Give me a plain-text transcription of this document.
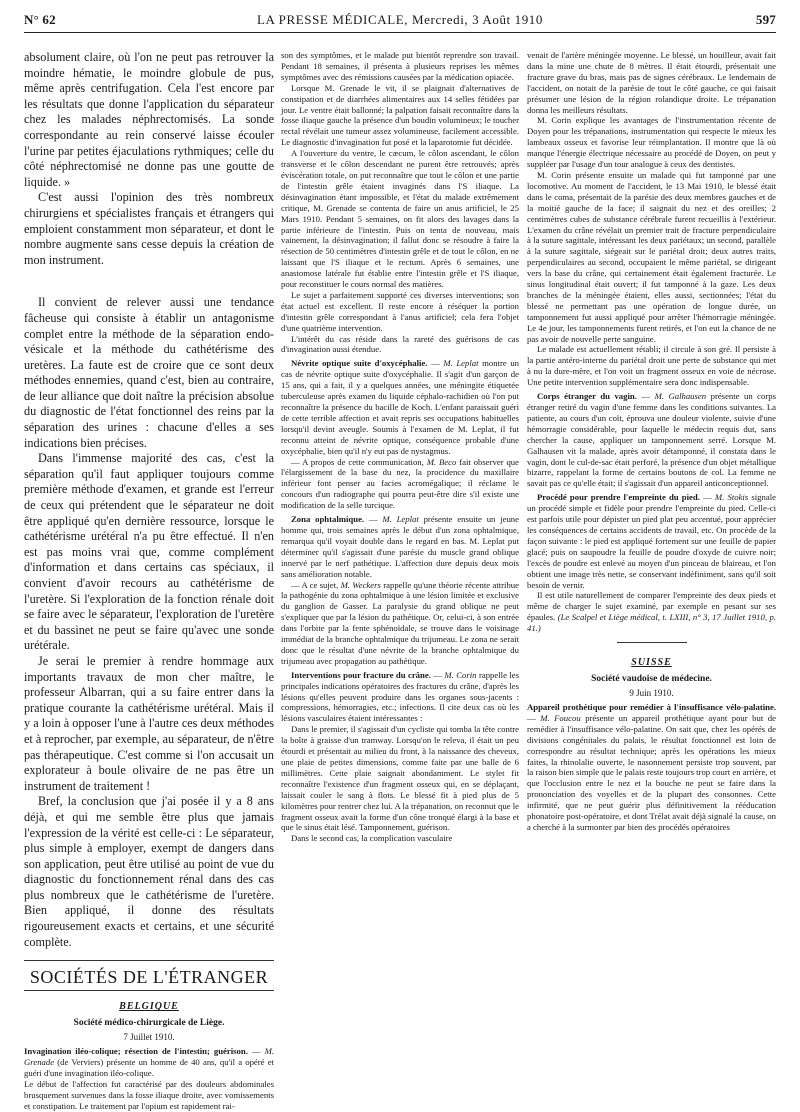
N° 62	LA PRESSE MÉDICALE, Mercredi, 3 Août 1910	597

absolument claire, où l'on ne peut pas retrouver la moindre hématie, le moindre globule de pus, même après centrifugation. Cela l'est encore par les résultats que donne l'application du séparateur chez les malades néphrectomisés. La sonde correspondante au rein conservé laisse écouler l'urine par petites éjaculations rythmiques; celle du côté néphrectomisé ne donne pas une goutte de liquide. »

C'est aussi l'opinion des très nombreux chirurgiens et spécialistes français et étrangers qui emploient constamment mon séparateur, et dont le nombre augmente sans cesse depuis la création de mon instrument.

Il convient de relever aussi une tendance fâcheuse qui consiste à établir un antagonisme complet entre la méthode de la séparation endo-vésicale et la méthode du cathétérisme des uretères. La faute est de croire que ce sont deux méthodes ennemies, quand c'est, bien au contraire, de leur alliance que doit naître la précision absolue du diagnostic de l'état fonctionnel des reins par la séparation des urines : chacune d'elles a ses indications bien précises.

Dans l'immense majorité des cas, c'est la séparation qu'il faut appliquer toujours comme première méthode d'examen, et grande est l'erreur de ceux qui prétendent que le séparateur ne doit être appliqué qu'en dernière ressource, lorsque le cathétérisme urétéral n'a pu être effectué. Il n'en est pas moins vrai que, comme complément d'information et dans certains cas spéciaux, il convient d'avoir recours au cathétérisme de l'uretère. Si l'exploration de la fonction rénale doit se faire avec le séparateur, l'exploration de l'uretère et du bassinet ne peut se faire qu'avec une sonde urétérale.

Je serai le premier à rendre hommage aux importants travaux de mon cher maître, le professeur Albarran, qui a su faire entrer dans la pratique courante la cathétérisme urétéral. Mais il y a loin à opposer l'une à l'autre ces deux méthodes et à reprocher, par exemple, au séparateur, de n'être pas thérapeutique. C'est comme si l'on accusait un explorateur à boule olivaire de ne pas être un instrument de traitement !

Bref, la conclusion que j'ai posée il y a 8 ans déjà, et qui me semble être plus que jamais l'expression de la vérité est celle-ci : Le séparateur, plus simple à employer, exempt de dangers dans son application, peut être utilisé au point de vue du diagnostic du fonctionnement rénal dans des cas plus nombreux que le cathétérisme de l'uretère. Bien appliqué, il donne des résultats rigoureusement exacts et certains, et une sécurité complète.

SOCIÉTÉS DE L'ÉTRANGER
BELGIQUE
Société médico-chirurgicale de Liège.
7 Juillet 1910.

Invagination iléo-colique; résection de l'intestin; guérison. — M. Grenade (de Verviers) présente un homme de 40 ans, qu'il a opéré et guéri d'une invagination iléo-colique.

Le début de l'affection fut caractérisé par des douleurs abdominales brusquement survenues dans la fosse iliaque droite, avec vomissements et constipation. Le traitement par l'opium est rapidement rai-

son des symptômes, et le malade put bientôt reprendre son travail. Pendant 18 semaines, il présenta à plusieurs reprises les mêmes symptômes avec des rémissions causées par la médication opiacée.

Lorsque M. Grenade le vit, il se plaignait d'alternatives de constipation et de diarrhées alimentaires aux 14 selles fétidées par jour. Le ventre était ballonné; la palpation faisait reconnaître dans la fosse iliaque gauche la présence d'un boudin volumineux; le toucher rectal révélait une tumeur assez volumineuse, facilement accessible. Le diagnostic d'invagination fut posé et la laparotomie fut décidée.

A l'ouverture du ventre, le cæcum, le côlon ascendant, le côlon transverse et le côlon descendant ne purent être retrouvés; après éviscération totale, on put reconnaître que tout le côlon et une partie de l'intestin grêle étaient invaginés dans l'S iliaque. La désinvagination étant impossible, et l'état du malade extrêmement critique, M. Grenade se contenta de faire un anus artificiel, le 25 Mars 1910. Pendant 5 semaines, on fit alors des lavages dans la partie inférieure de l'intestin. Puis on tenta de nouveau, mais vainement, la désinvagination; il fallut donc se résoudre à faire la résection de 50 centimètres d'intestin grêle et de tout le côlon, en ne laissant que l'S iliaque et le rectum. Après 6 semaines, une anastomose latérale fut établie entre l'intestin grêle et l'S iliaque, pour reconstituer le cours normal des matières.

Le sujet a parfaitement supporté ces diverses interventions; son état actuel est excellent. Il reste encore à réséquer la portion d'intestin grêle correspondant à l'anus artificiel; cela fera l'objet d'une quatrième intervention.

L'intérêt du cas réside dans la rareté des guérisons de cas d'invagination aussi étendue.

Névrite optique suite d'oxycéphalie. — M. Leplat montre un cas de névrite optique suite d'oxycéphalie. Il s'agit d'un garçon de 15 ans, qui a fait, il y a quelques années, une méningite étiquetée tuberculeuse après examen du liquide céphalo-rachidien où l'on put reconnaître la présence du bacille de Koch. L'enfant paraissait guéri de cette terrible affection et avait repris ses occupations habituelles lorsqu'il devint aveugle. Soumis à l'examen de M. Leplat, il fut reconnu atteint de névrite optique, conséquence probable d'une oxycéphalie, bien qu'il n'y eut pas de nystagmus.

— A propos de cette communication, M. Beco fait observer que l'élargissement de la base du nez, la procidence du maxillaire inférieur font penser au facies acromégalique; il réclame le concours d'un radiographe qui pourra peut-être dire s'il existe une modification de la selle turcique.

Zona ophtalmique. — M. Leplat présente ensuite un jeune homme qui, trois semaines après le début d'un zona ophtalmique, remarqua qu'il voyait double dans le regard en bas. M. Leplat put déterminer qu'il s'agissait d'une parésie du muscle grand oblique innervé par le nerf pathétique. L'affection dure depuis deux mois sans amélioration notable.

— A ce sujet, M. Weckers rappelle qu'une théorie récente attribue la pathogénie du zona ophtalmique à une lésion limitée et exclusive du ganglion de Gasser. La paralysie du grand oblique ne peut s'expliquer que par la lésion du pathétique. Or, celui-ci, à son entrée dans l'orbite par la fente sphénoïdale, se trouve dans le voisinage immédiat de la branche ophtalmique du trijumeau. Le zona ne serait donc que le résultat d'une névrite de la branche ophtalmique du trijumeau avec propagation au pathétique.

Interventions pour fracture du crâne. — M. Corin rappelle les principales indications opératoires des fractures du crâne, d'après les lésions qu'elles peuvent produire dans les organes sous-jacents : compressions, hémorragies, etc.; infections. Il cite deux cas où les lésions vasculaires étaient intéressantes :

Dans le premier, il s'agissait d'un cycliste qui tomba la tête contre la boîte à graisse d'un tramway. Lorsqu'on le releva, il était un peu étourdi et présentait au milieu du front, à la naissance des cheveux, une plaie de petites dimensions, comme faite par une balle de 6 millimètres. Cette plaie saignait abondamment. Le stylet fit reconnaître l'existence d'un fragment osseux qui, en se déplaçant, laissait couler le sang à flots. Le blessé fit à pied plus de 5 kilomètres pour rentrer chez lui. A la trépanation, on reconnut que le fragment osseux avait la forme d'un cône tronqué élargi à la base et que le sinus était lésé. Tamponnement, guérison.

Dans le second cas, la complication vasculaire

venait de l'artère méningée moyenne. Le blessé, un houilleur, avait fait dans la mine une chute de 8 mètres. Il était étourdi, présentait une fracture grave du bras, mais pas de signes cérébraux. Le lendemain de l'accident, on notait de la parésie de tout le côté gauche, ce qui faisait présumer une lésion de la région rolandique droite. Le trépanation donna les meilleurs résultats.

M. Corin explique les avantages de l'instrumentation récente de Doyen pour les trépanations, instrumentation qui respecte le mieux les lambeaux osseux et favorise leur réimplantation. Il montre que là où manque l'énergie électrique nécessaire au procédé de Doyen, on peut y suppléer par l'usage d'un tour analogue à ceux des dentistes.

M. Corin présente ensuite un malade qui fut tamponné par une locomotive. Au moment de l'accident, le 13 Mai 1910, le blessé était dans le coma, présentait de la parésie des deux membres gauches et de la moitié gauche de la face; il saignait du nez et des oreilles; 2 centimètres cubes de substance cérébrale furent recueillis à l'extérieur. L'examen du crâne révélait un premier trait de fracture perpendiculaire à la suture sagittale, intéressant les deux pariétaux; un second, parallèle à la suture sagittale, siégeait sur le pariétal droit; deux autres traits, perpendiculaires au second, occupaient le même pariétal, se dirigeant vers la base du crâne, qui certainement était également fracturée. Le sinus longitudinal était ouvert; il fut tamponné à la gaze. Les deux branches de la méningée étaient, elles aussi, sectionnées; l'état du blessé ne permettant pas une opération de longue durée, un tamponnement fut aussi appliqué pour arrêter l'hémorragie méningée. Le 4e jour, les tamponnements furent retirés, et l'on eut la chance de ne pas avoir de nouvelle perte sanguine.

Le malade est actuellement rétabli; il circule à son gré. Il persiste à la partie antéro-interne du pariétal droit une perte de substance qui met à nu la dure-mère, et l'on voit un fragment osseux en voie de nécrose. Une petite intervention supplémentaire sera donc indispensable.

Corps étranger du vagin. — M. Galhausen présente un corps étranger retiré du vagin d'une femme dans les conditions suivantes. La patiente, au cours d'un coït, éprouva une douleur violente, suivie d'une hémorragie considérable, pour laquelle le médecin requis dut, sans chercher la cause, appliquer un tamponnement serré. Lorsque M. Galhausen vit la malade, après avoir détamponné, il constata dans le vagin, dont le cul-de-sac était perforé, la présence d'un objet métallique bizarre, rappelant la forme de certains boutons de col. La femme ne savait pas ce qu'elle était; il s'agissait d'un appareil anticonceptionnel.

Procédé pour prendre l'empreinte du pied. — M. Stokis signale un procédé simple et fidèle pour prendre l'empreinte du pied. Celle-ci est parfois utile pour dépister un pied plat peu accentué, pour apprécier les conséquences de certains accidents de travail, etc. On procède de la façon suivante : le pied est appliqué fortement sur une feuille de papier glacé; puis on saupoudre la feuille de poudre d'oxyde de cuivre noir; l'excès de poudre est enlevé au moyen d'un pinceau de blaireau, et l'on obtient une image très nette, se conservant indéfiniment, sans qu'il soit besoin de vernir.

Il est utile naturellement de comparer l'empreinte des deux pieds et même de charger le sujet examiné, par exemple en pesant sur ses épaules. (Le Scalpel et Liège médical, t. LXIII, n° 3, 17 Juillet 1910, p. 41.)

SUISSE
Société vaudoise de médecine.
9 Juin 1910.

Appareil prothétique pour remédier à l'insuffisance vélo-palatine. — M. Foucou présente un appareil prothétique ayant pour but de remédier à l'insuffisance vélo-palatine. On sait que, chez les opérés de divisions congénitales du palais, le résultat fonctionnel est loin de correspondre au résultat technique; après les opérations les mieux faites, la rhinolalie ouverte, le nasonnement persiste trop souvent, par la raison bien simple que le palais reste toujours trop court en arrière, et que l'occlusion entre le nez et la bouche ne peut se faire dans la prononciation des voyelles et de la plupart des consonnes. Cette infirmité, que ne peut guérir plus définitivement la rééducation phonatoire post-opératoire, et dont Trélat avait déjà signalé la cause, on a cherché à la surmonter par bien des procédés opératoires
